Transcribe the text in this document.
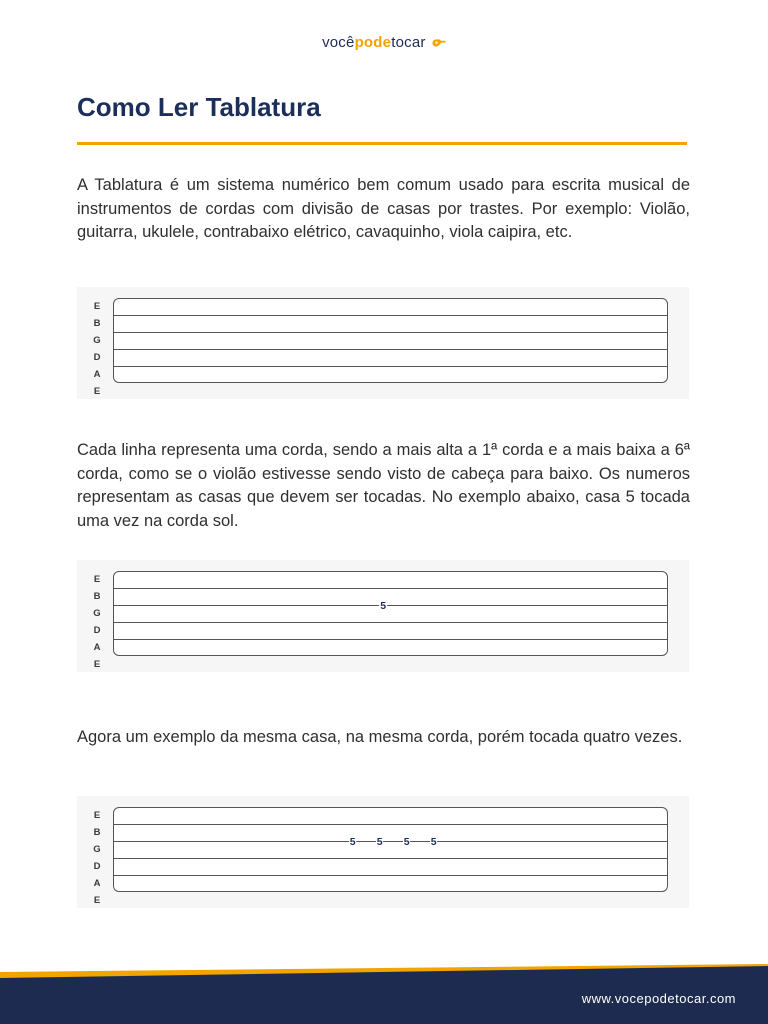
vocêpodetocar
Como Ler Tablatura

A Tablatura é um sistema numérico bem comum usado para escrita musical de instrumentos de cordas com divisão de casas por trastes. Por exemplo: Violão, guitarra, ukulele, contrabaixo elétrico, cavaquinho, viola caipira, etc.

E
B
G
D
A
E

Cada linha representa uma corda, sendo a mais alta a 1ª corda e a mais baixa a 6ª corda, como se o violão estivesse sendo visto de cabeça para baixo. Os numeros representam as casas que devem ser tocadas. No exemplo abaixo, casa 5 tocada uma vez na corda sol.

E
B
G
D
A
E
5

Agora um exemplo da mesma casa, na mesma corda, porém tocada quatro vezes.

E
B
G
D
A
E
5 5 5 5
www.vocepodetocar.com
